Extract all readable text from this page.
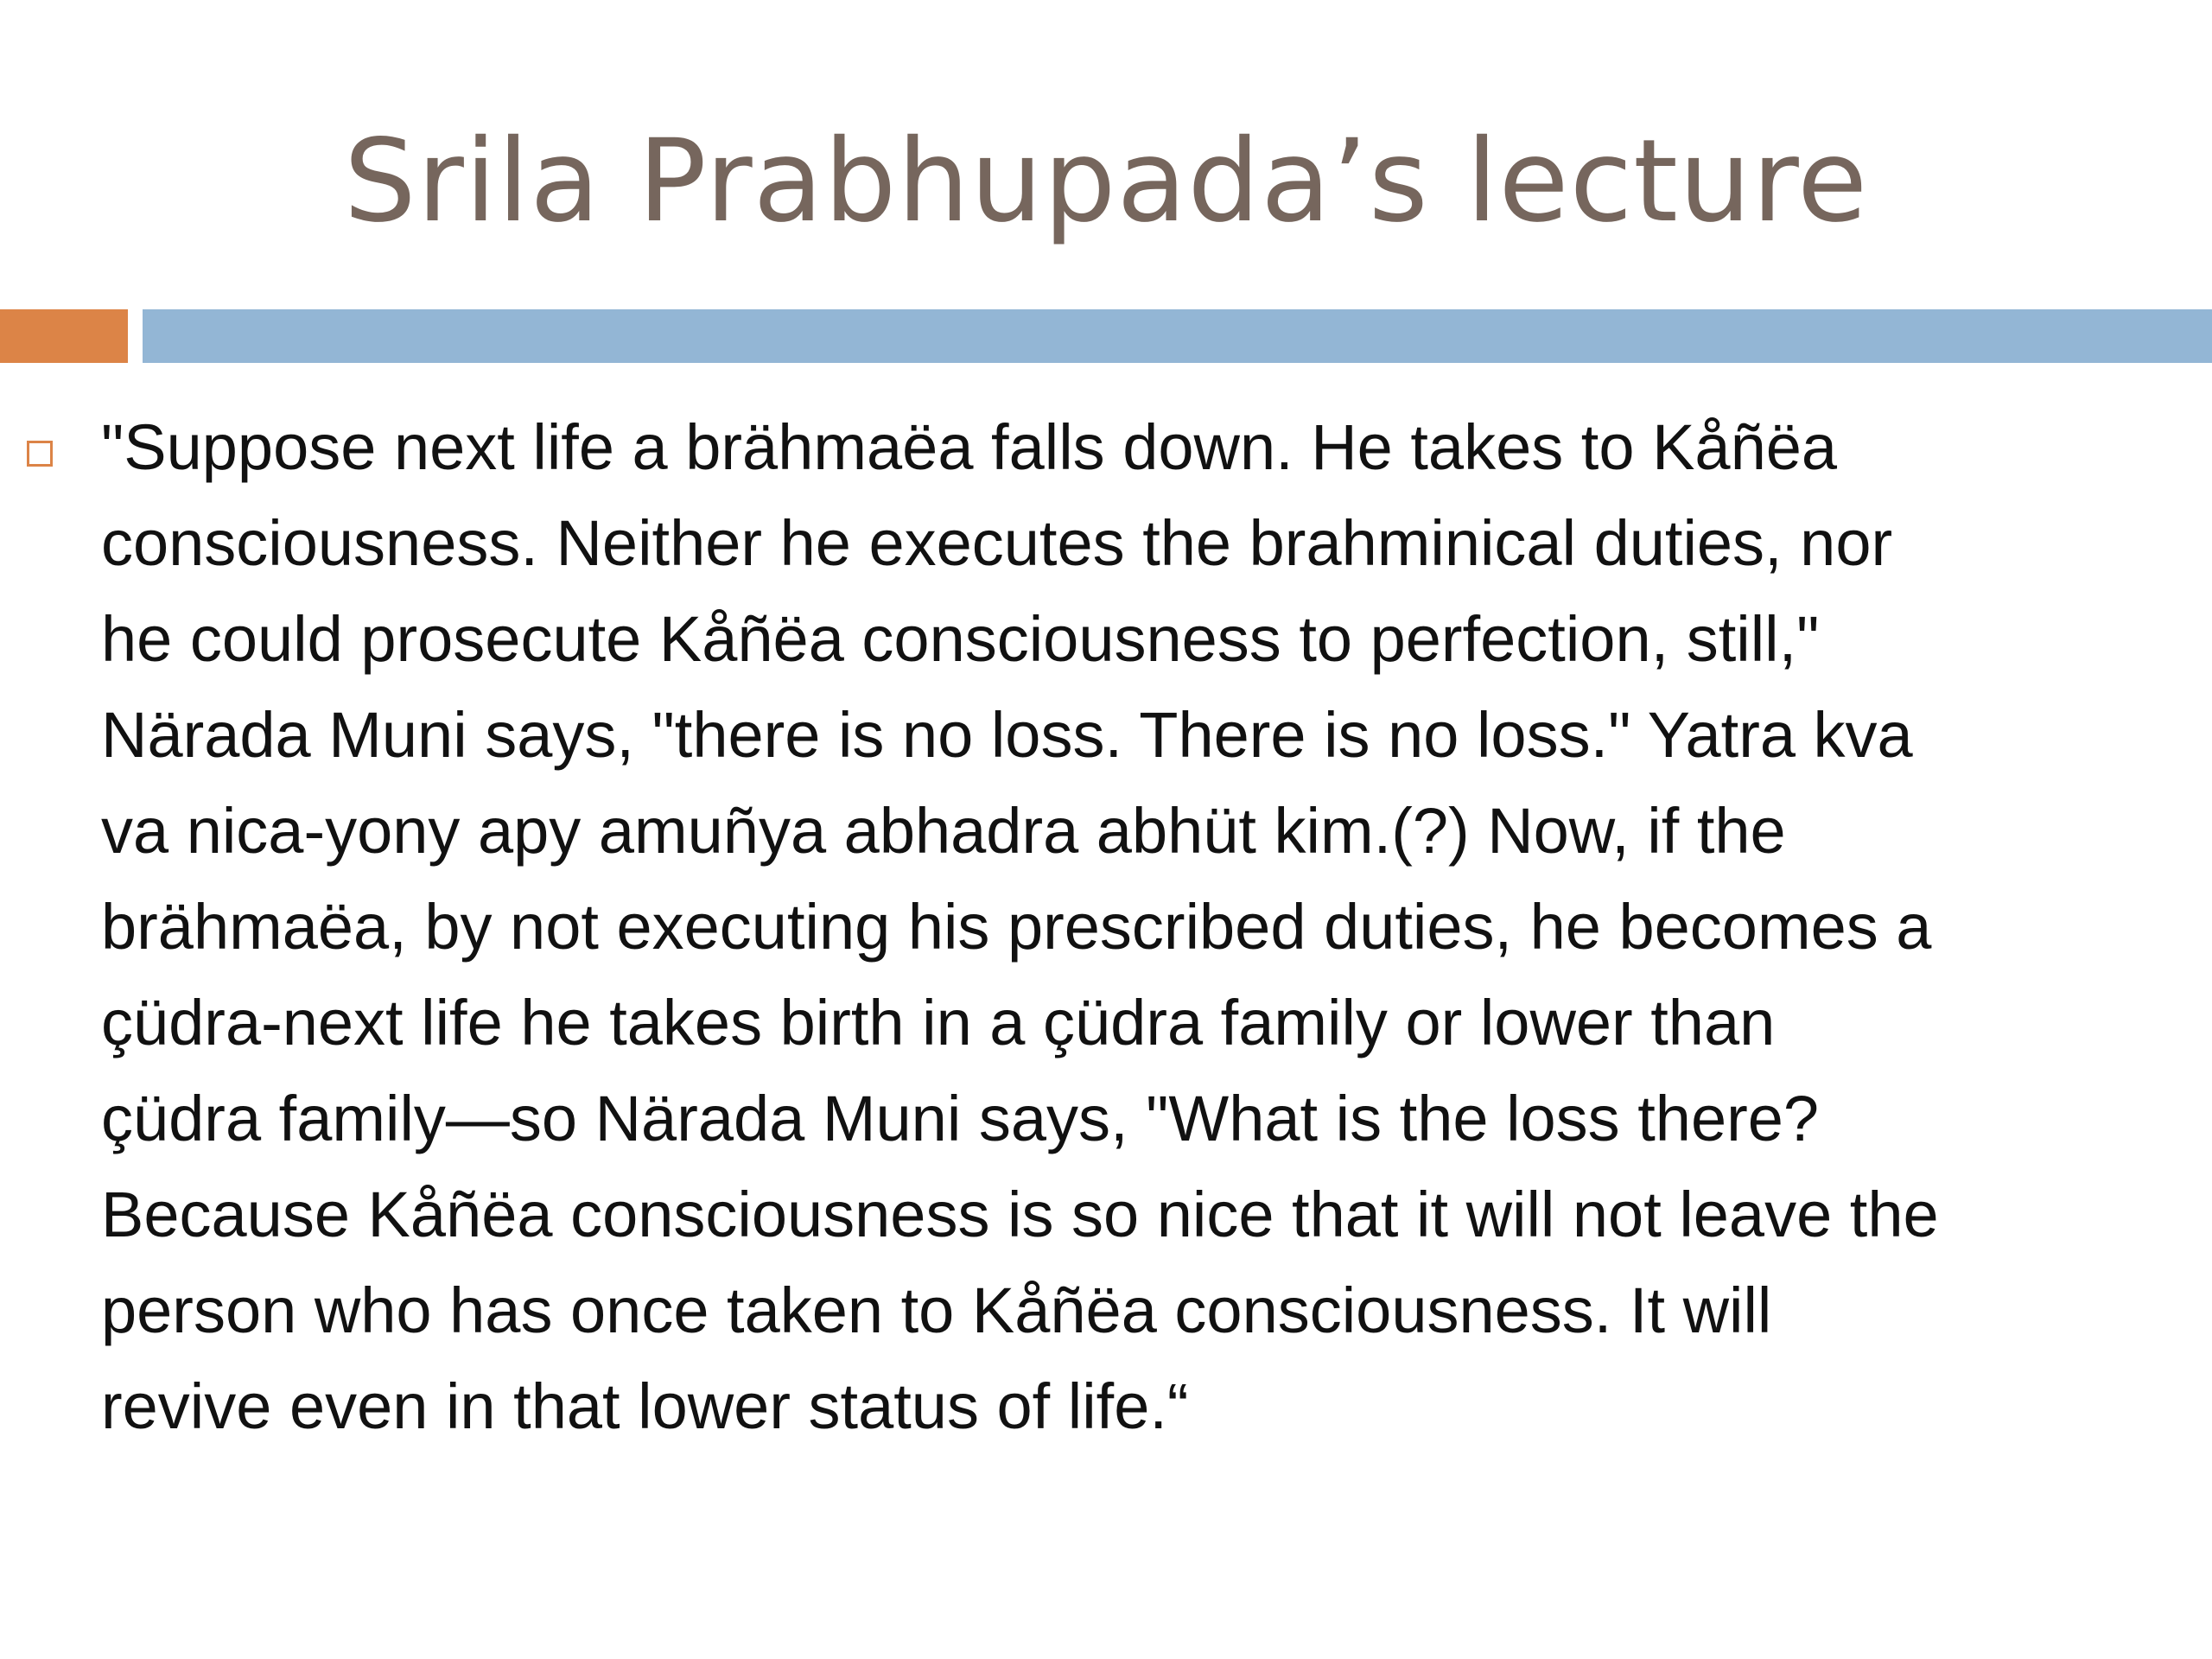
Srila Prabhupada’s lecture

"Suppose next life a brähmaëa falls down. He takes to Kåñëa
consciousness. Neither he executes the brahminical duties, nor
he could prosecute Kåñëa consciousness to perfection, still,"
Närada Muni says, "there is no loss. There is no loss." Yatra kva
va nica-yony apy amuñya abhadra abhüt kim.(?) Now, if the
brähmaëa, by not executing his prescribed duties, he becomes a
çüdra-next life he takes birth in a çüdra family or lower than
çüdra family—so Närada Muni says, "What is the loss there?
Because Kåñëa consciousness is so nice that it will not leave the
person who has once taken to Kåñëa consciousness. It will
revive even in that lower status of life.“
